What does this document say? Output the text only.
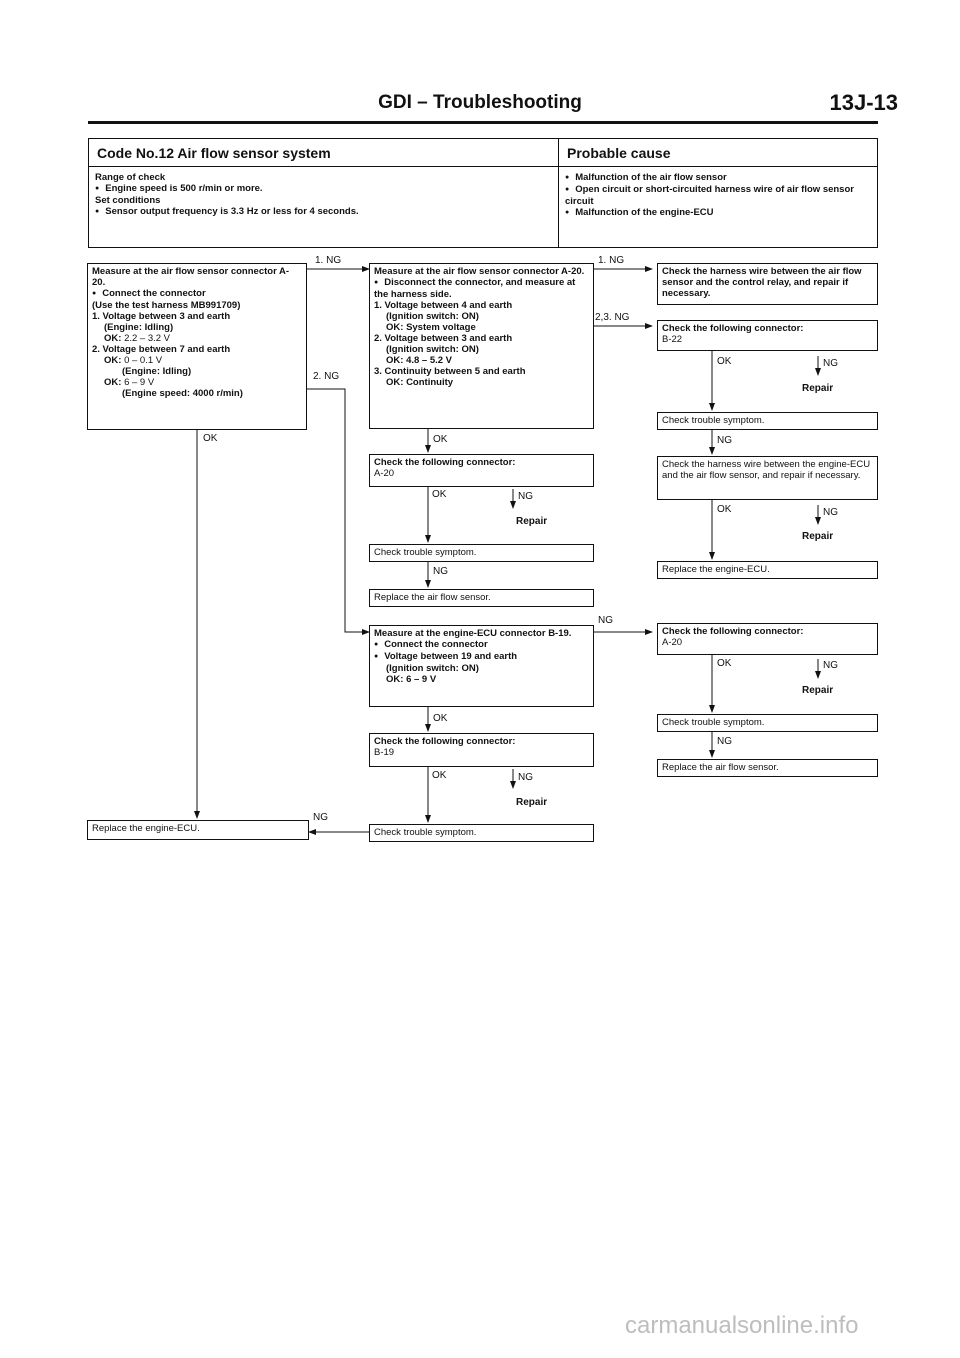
GDI – Troubleshooting	13J-13
Code No.12 Air flow sensor system
Range of check
● Engine speed is 500 r/min or more.
Set conditions
● Sensor output frequency is 3.3 Hz or less for 4 seconds.
Probable cause
● Malfunction of the air flow sensor
● Open circuit or short-circuited harness wire of air flow sensor circuit
● Malfunction of the engine-ECU
Measure at the air flow sensor connector A-20.
● Connect the connector
(Use the test harness MB991709)
1. Voltage between 3 and earth
(Engine: Idling)
OK: 2.2 – 3.2 V
2. Voltage between 7 and earth
OK: 0 – 0.1 V
(Engine: Idling)
OK: 6 – 9 V
(Engine speed: 4000 r/min)
Measure at the air flow sensor connector A-20.
● Disconnect the connector, and measure at the harness side.
1. Voltage between 4 and earth
(Ignition switch: ON)
OK: System voltage
2. Voltage between 3 and earth
(Ignition switch: ON)
OK: 4.8 – 5.2 V
3. Continuity between 5 and earth
OK: Continuity
Check the harness wire between the air flow sensor and the control relay, and repair if necessary.
Check the following connector:
B-22
Check trouble symptom.
Check the harness wire between the engine-ECU and the air flow sensor, and repair if necessary.
Replace the engine-ECU.
Check the following connector:
A-20
Check trouble symptom.
Replace the air flow sensor.
Measure at the engine-ECU connector B-19.
● Connect the connector
● Voltage between 19 and earth
(Ignition switch: ON)
OK: 6 – 9 V
Check the following connector:
A-20
Check trouble symptom.
Replace the air flow sensor.
Check the following connector:
B-19
Check trouble symptom.
Replace the engine-ECU.
1. NG
2. NG
OK
1. NG
2,3. NG
OK
OK	NG
Repair
NG
OK	NG
Repair
NG
OK	NG
Repair
NG
OK	NG
Repair
NG
OK
OK	NG
Repair
NG
carmanualsonline.info
